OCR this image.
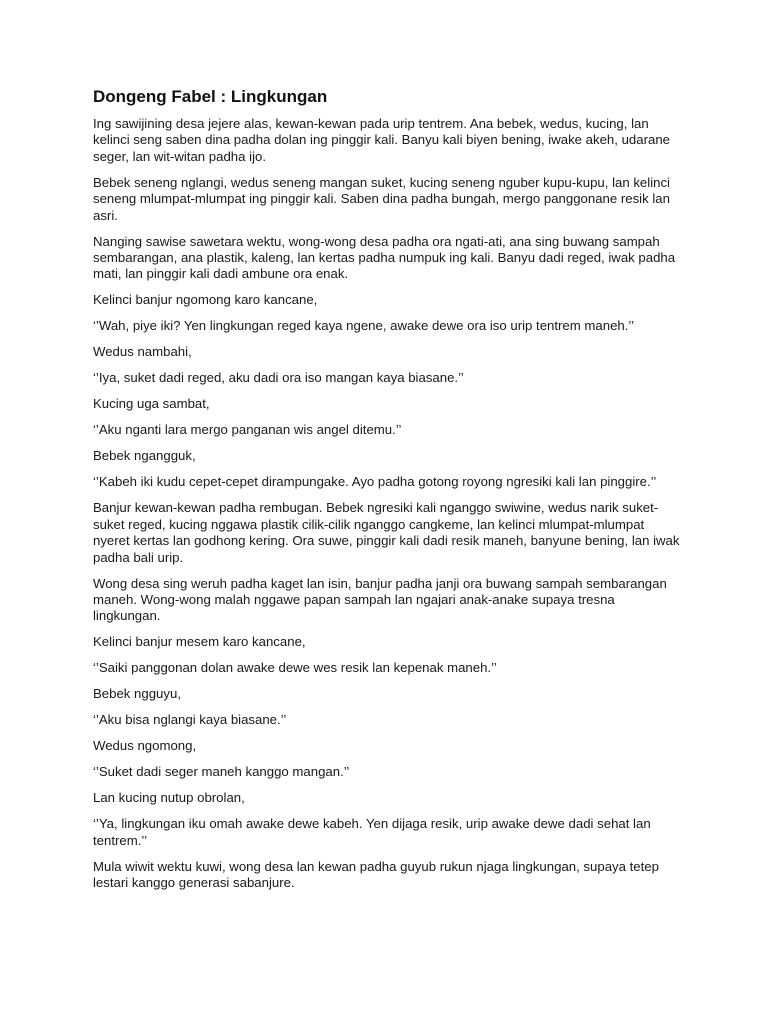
Dongeng Fabel : Lingkungan

Ing sawijining desa jejere alas, kewan-kewan pada urip tentrem. Ana bebek, wedus, kucing, lan kelinci seng saben dina padha dolan ing pinggir kali. Banyu kali biyen bening, iwake akeh, udarane seger, lan wit-witan padha ijo.

Bebek seneng nglangi, wedus seneng mangan suket, kucing seneng nguber kupu-kupu, lan kelinci seneng mlumpat-mlumpat ing pinggir kali. Saben dina padha bungah, mergo panggonane resik lan asri.

Nanging sawise sawetara wektu, wong-wong desa padha ora ngati-ati, ana sing buwang sampah sembarangan, ana plastik, kaleng, lan kertas padha numpuk ing kali. Banyu dadi reged, iwak padha mati, lan pinggir kali dadi ambune ora enak.

Kelinci banjur ngomong karo kancane,

‘’Wah, piye iki? Yen lingkungan reged kaya ngene, awake dewe ora iso urip tentrem maneh.’’

Wedus nambahi,

‘’Iya, suket dadi reged, aku dadi ora iso mangan kaya biasane.’’

Kucing uga sambat,

‘’Aku nganti lara mergo panganan wis angel ditemu.’’

Bebek ngangguk,

‘’Kabeh iki kudu cepet-cepet dirampungake. Ayo padha gotong royong ngresiki kali lan pinggire.’’

Banjur kewan-kewan padha rembugan. Bebek ngresiki kali nganggo swiwine, wedus narik suket-suket reged, kucing nggawa plastik cilik-cilik nganggo cangkeme, lan kelinci mlumpat-mlumpat nyeret kertas lan godhong kering. Ora suwe, pinggir kali dadi resik maneh, banyune bening, lan iwak padha bali urip.

Wong desa sing weruh padha kaget lan isin, banjur padha janji ora buwang sampah sembarangan maneh. Wong-wong malah nggawe papan sampah lan ngajari anak-anake supaya tresna lingkungan.

Kelinci banjur mesem karo kancane,

‘’Saiki panggonan dolan awake dewe wes resik lan kepenak maneh.’’

Bebek ngguyu,

‘’Aku bisa nglangi kaya biasane.’’

Wedus ngomong,

‘’Suket dadi seger maneh kanggo mangan.’’

Lan kucing nutup obrolan,

‘’Ya, lingkungan iku omah awake dewe kabeh. Yen dijaga resik, urip awake dewe dadi sehat lan tentrem.’’

Mula wiwit wektu kuwi, wong desa lan kewan padha guyub rukun njaga lingkungan, supaya tetep lestari kanggo generasi sabanjure.
